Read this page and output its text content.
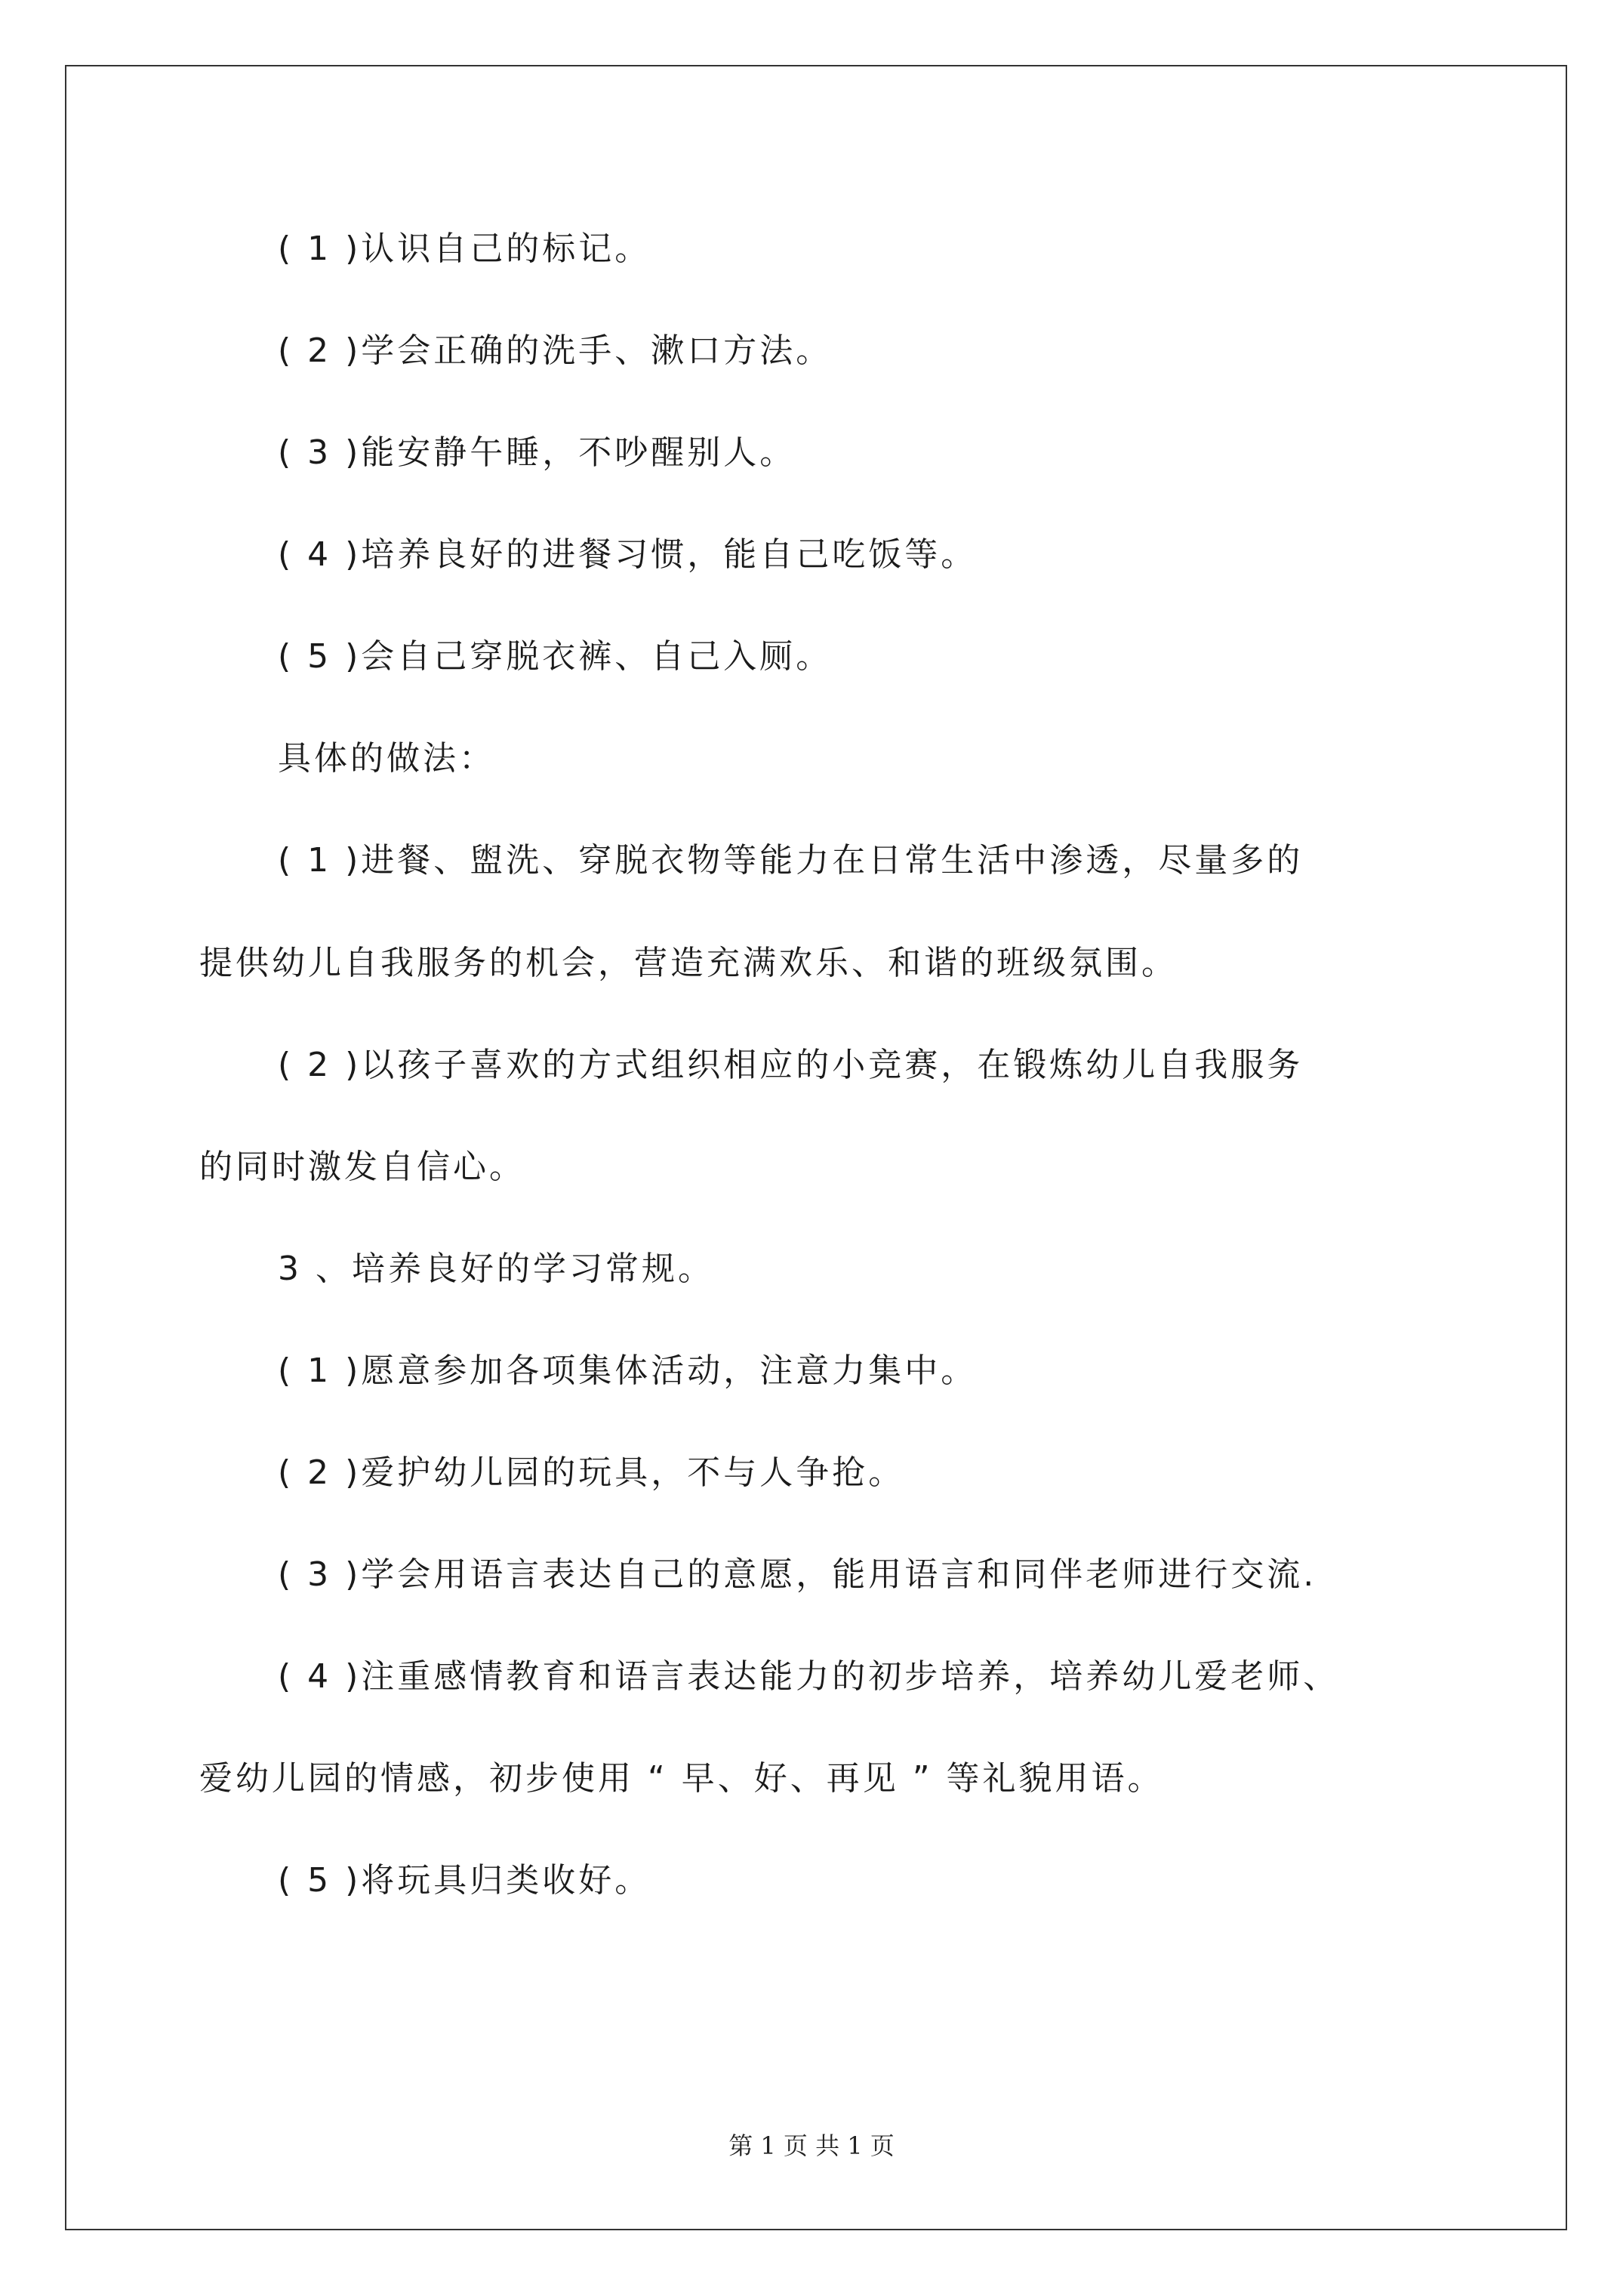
( 1 )认识自己的标记。
( 2 )学会正确的洗手、漱口方法。
( 3 )能安静午睡，不吵醒别人。
( 4 )培养良好的进餐习惯，能自己吃饭等。
( 5 )会自己穿脱衣裤、自己入厕。
具体的做法：
( 1 )进餐、盥洗、穿脱衣物等能力在日常生活中渗透，尽量多的
提供幼儿自我服务的机会，营造充满欢乐、和谐的班级氛围。
( 2 )以孩子喜欢的方式组织相应的小竞赛，在锻炼幼儿自我服务
的同时激发自信心。
3 、培养良好的学习常规。
( 1 )愿意参加各项集体活动，注意力集中。
( 2 )爱护幼儿园的玩具，不与人争抢。
( 3 )学会用语言表达自己的意愿，能用语言和同伴老师进行交流.
( 4 )注重感情教育和语言表达能力的初步培养，培养幼儿爱老师、
爱幼儿园的情感，初步使用 “ 早、好、再见 ” 等礼貌用语。
( 5 )将玩具归类收好。
第 1 页 共 1 页
